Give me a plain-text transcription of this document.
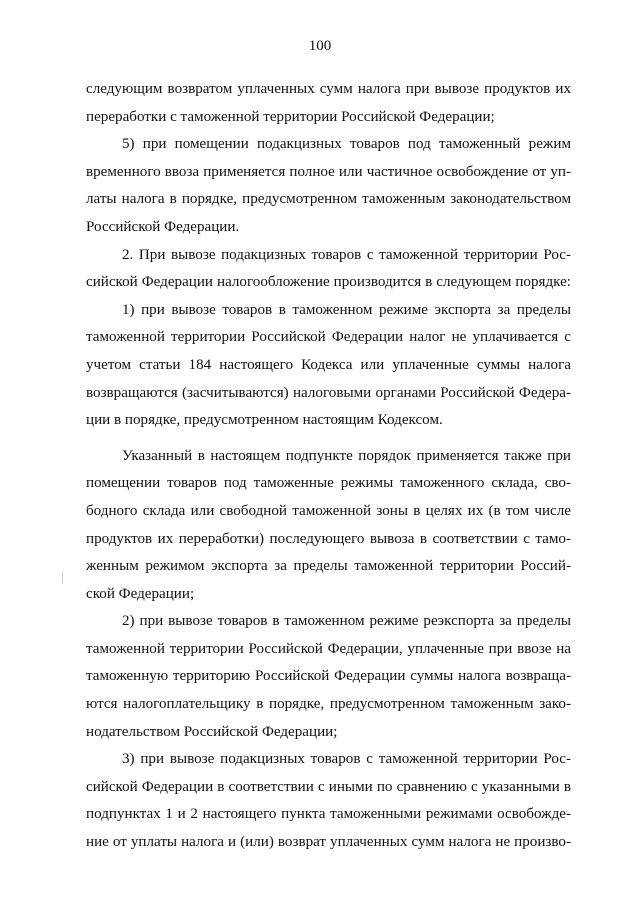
100
следующим возвратом уплаченных сумм налога при вывозе продуктов их
переработки с таможенной территории Российской Федерации;
5) при помещении подакцизных товаров под таможенный режим
временного ввоза применяется полное или частичное освобождение от уп-
латы налога в порядке, предусмотренном таможенным законодательством
Российской Федерации.
2. При вывозе подакцизных товаров с таможенной территории Рос-
сийской Федерации налогообложение производится в следующем порядке:
1) при вывозе товаров в таможенном режиме экспорта за пределы
таможенной территории Российской Федерации налог не уплачивается с
учетом статьи 184 настоящего Кодекса или уплаченные суммы налога
возвращаются (засчитываются) налоговыми органами Российской Федера-
ции в порядке, предусмотренном настоящим Кодексом.
Указанный в настоящем подпункте порядок применяется также при
помещении товаров под таможенные режимы таможенного склада, сво-
бодного склада или свободной таможенной зоны в целях их (в том числе
продуктов их переработки) последующего вывоза в соответствии с тамо-
женным режимом экспорта за пределы таможенной территории Россий-
ской Федерации;
2) при вывозе товаров в таможенном режиме реэкспорта за пределы
таможенной территории Российской Федерации, уплаченные при ввозе на
таможенную территорию Российской Федерации суммы налога возвраща-
ются налогоплательщику в порядке, предусмотренном таможенным зако-
нодательством Российской Федерации;
3) при вывозе подакцизных товаров с таможенной территории Рос-
сийской Федерации в соответствии с иными по сравнению с указанными в
подпунктах 1 и 2 настоящего пункта таможенными режимами освобожде-
ние от уплаты налога и (или) возврат уплаченных сумм налога не произво-
